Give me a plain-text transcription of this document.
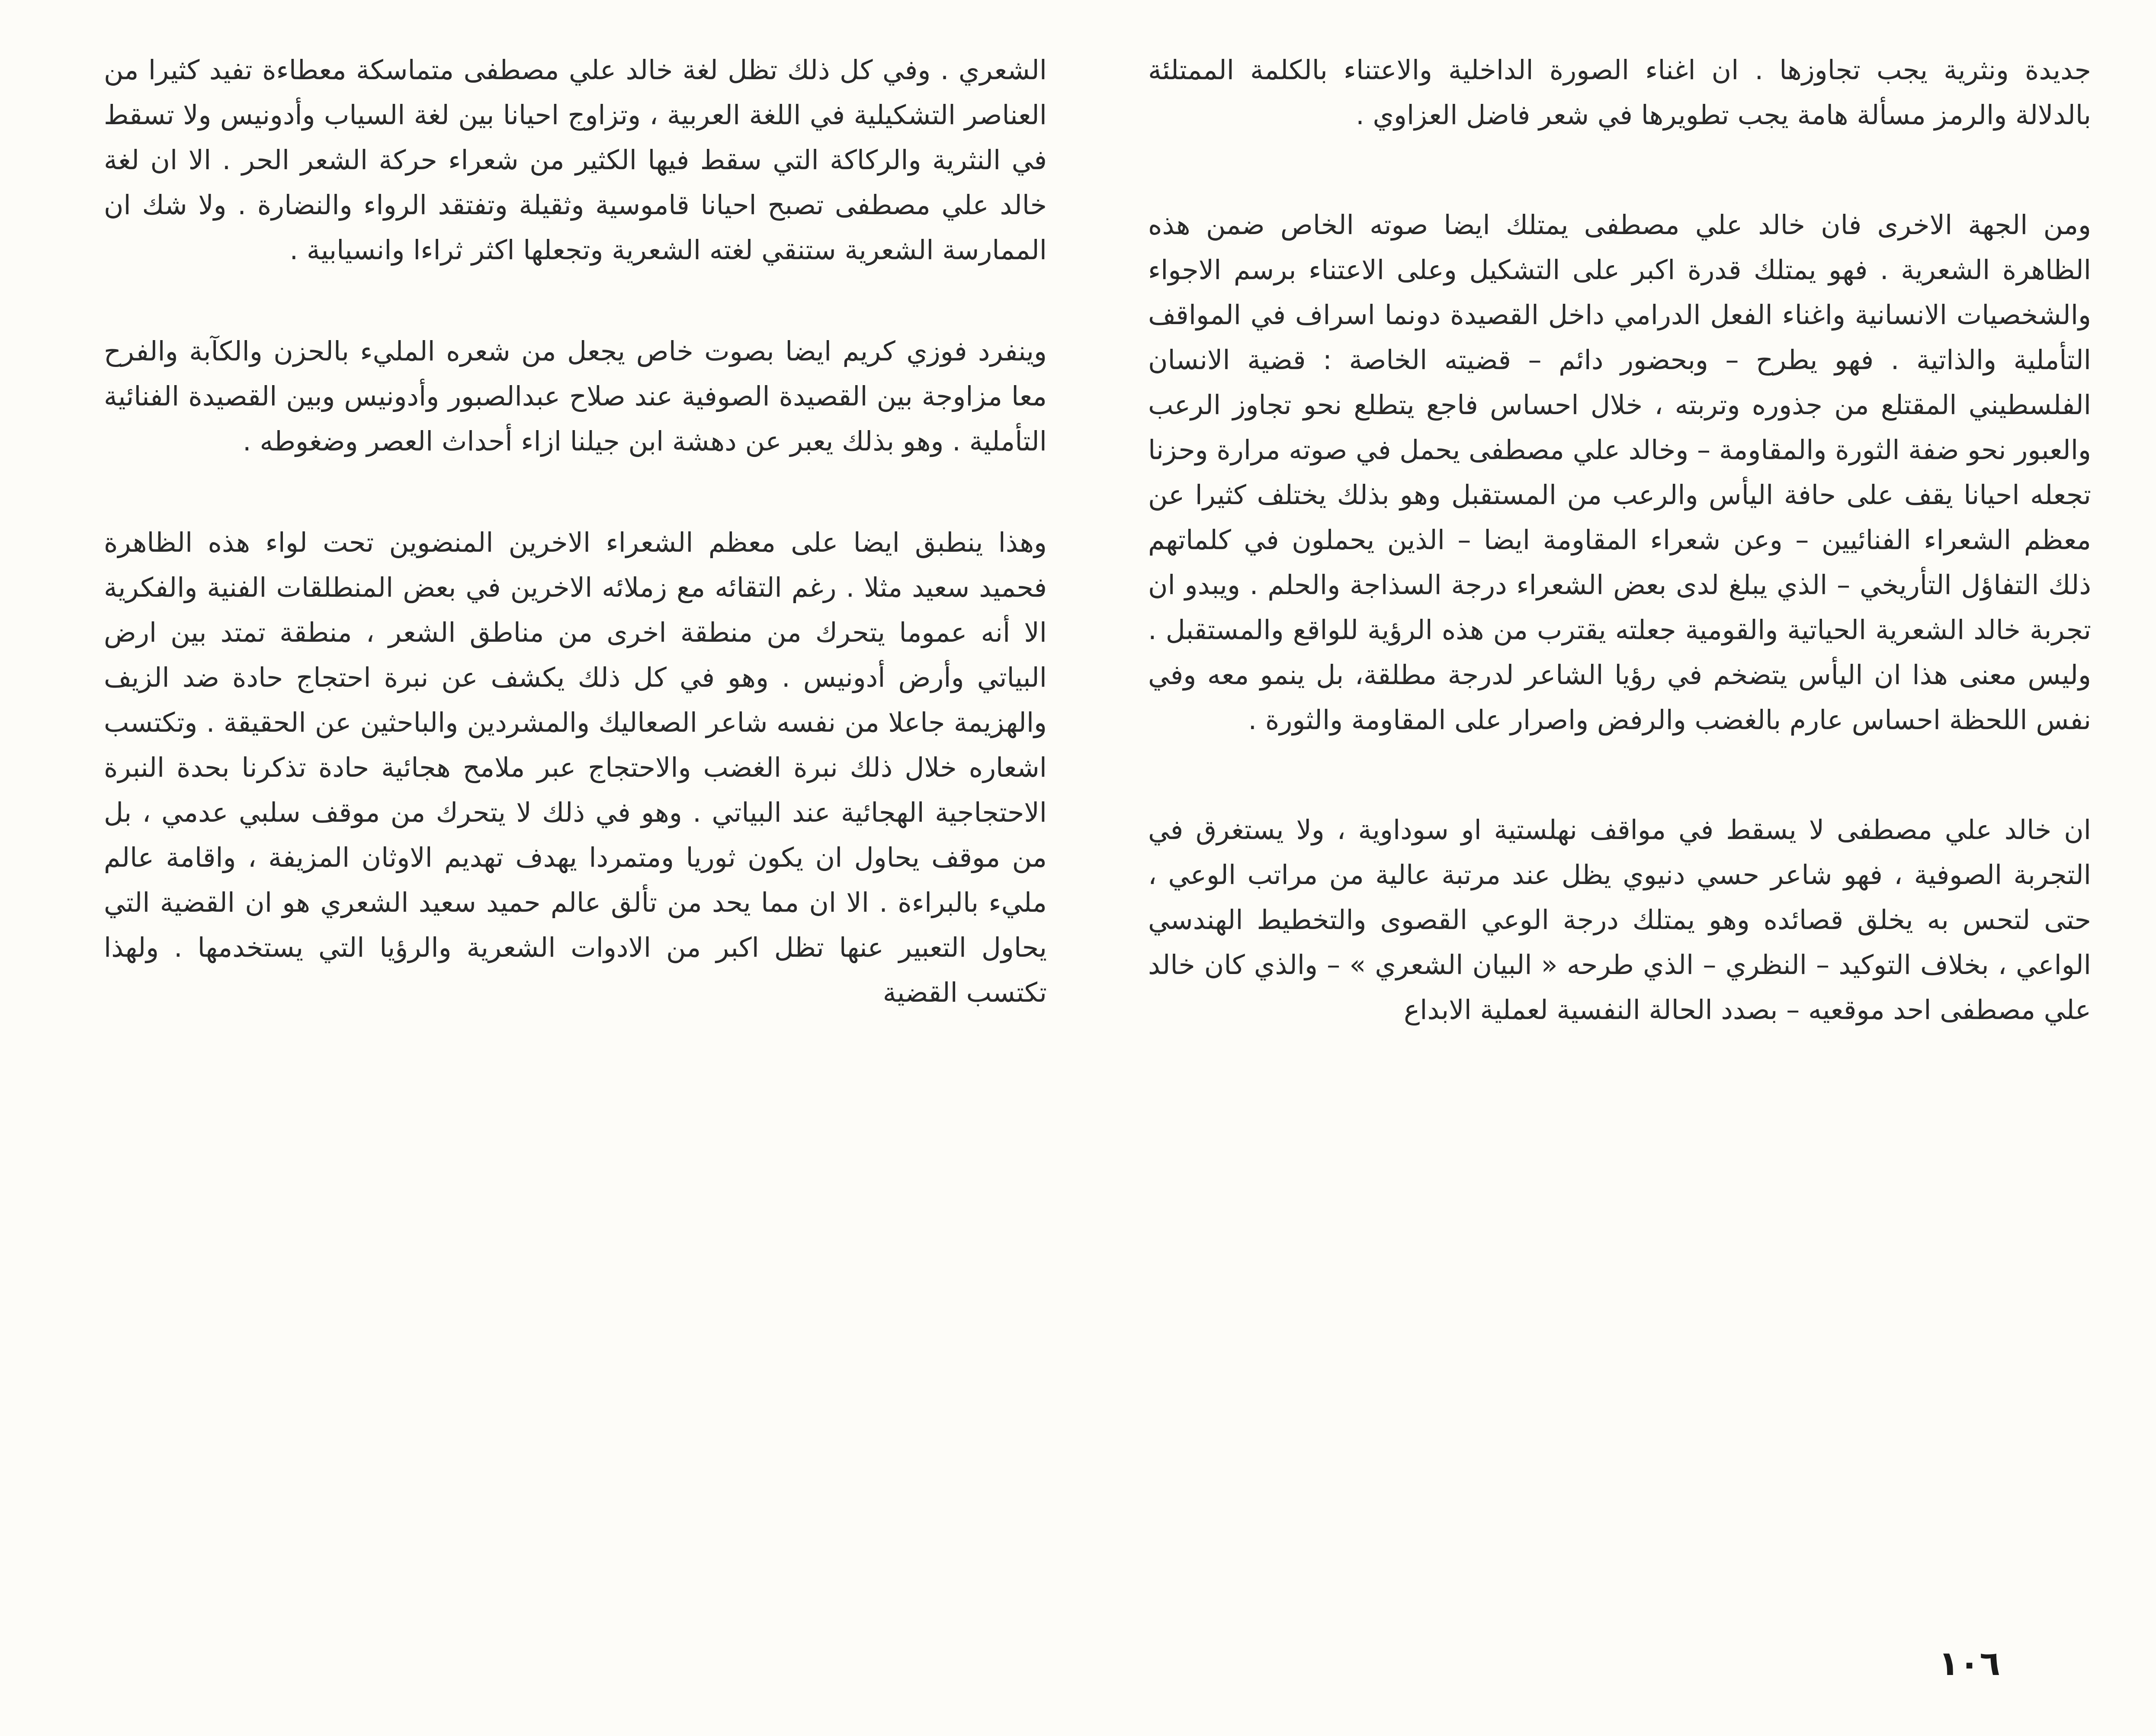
جديدة ونثرية يجب تجاوزها . ان اغناء الصورة الداخلية والاعتناء بالكلمة الممتلئة بالدلالة والرمز مسألة هامة يجب تطويرها في شعر فاضل العزاوي .

ومن الجهة الاخرى فان خالد علي مصطفى يمتلك ايضا صوته الخاص ضمن هذه الظاهرة الشعرية . فهو يمتلك قدرة اكبر على التشكيل وعلى الاعتناء برسم الاجواء والشخصيات الانسانية واغناء الفعل الدرامي داخل القصيدة دونما اسراف في المواقف التأملية والذاتية . فهو يطرح – وبحضور دائم – قضيته الخاصة : قضية الانسان الفلسطيني المقتلع من جذوره وتربته ، خلال احساس فاجع يتطلع نحو تجاوز الرعب والعبور نحو ضفة الثورة والمقاومة – وخالد علي مصطفى يحمل في صوته مرارة وحزنا تجعله احيانا يقف على حافة اليأس والرعب من المستقبل وهو بذلك يختلف كثيرا عن معظم الشعراء الفنائيين – وعن شعراء المقاومة ايضا – الذين يحملون في كلماتهم ذلك التفاؤل التأريخي – الذي يبلغ لدى بعض الشعراء درجة السذاجة والحلم . ويبدو ان تجربة خالد الشعرية الحياتية والقومية جعلته يقترب من هذه الرؤية للواقع والمستقبل . وليس معنى هذا ان اليأس يتضخم في رؤيا الشاعر لدرجة مطلقة، بل ينمو معه وفي نفس اللحظة احساس عارم بالغضب والرفض واصرار على المقاومة والثورة .

ان خالد علي مصطفى لا يسقط في مواقف نهلستية او سوداوية ، ولا يستغرق في التجربة الصوفية ، فهو شاعر حسي دنيوي يظل عند مرتبة عالية من مراتب الوعي ، حتى لتحس به يخلق قصائده وهو يمتلك درجة الوعي القصوى والتخطيط الهندسي الواعي ، بخلاف التوكيد – النظري – الذي طرحه « البيان الشعري » – والذي كان خالد علي مصطفى احد موقعيه – بصدد الحالة النفسية لعملية الابداع

الشعري . وفي كل ذلك تظل لغة خالد علي مصطفى متماسكة معطاءة تفيد كثيرا من العناصر التشكيلية في اللغة العربية ، وتزاوج احيانا بين لغة السياب وأدونيس ولا تسقط في النثرية والركاكة التي سقط فيها الكثير من شعراء حركة الشعر الحر . الا ان لغة خالد علي مصطفى تصبح احيانا قاموسية وثقيلة وتفتقد الرواء والنضارة . ولا شك ان الممارسة الشعرية ستنقي لغته الشعرية وتجعلها اكثر ثراءا وانسيابية .

وينفرد فوزي كريم ايضا بصوت خاص يجعل من شعره المليء بالحزن والكآبة والفرح معا مزاوجة بين القصيدة الصوفية عند صلاح عبدالصبور وأدونيس وبين القصيدة الفنائية التأملية . وهو بذلك يعبر عن دهشة ابن جيلنا ازاء أحداث العصر وضغوطه .

وهذا ينطبق ايضا على معظم الشعراء الاخرين المنضوين تحت لواء هذه الظاهرة فحميد سعيد مثلا . رغم التقائه مع زملائه الاخرين في بعض المنطلقات الفنية والفكرية الا أنه عموما يتحرك من منطقة اخرى من مناطق الشعر ، منطقة تمتد بين ارض البياتي وأرض أدونيس . وهو في كل ذلك يكشف عن نبرة احتجاج حادة ضد الزيف والهزيمة جاعلا من نفسه شاعر الصعاليك والمشردين والباحثين عن الحقيقة . وتكتسب اشعاره خلال ذلك نبرة الغضب والاحتجاج عبر ملامح هجائية حادة تذكرنا بحدة النبرة الاحتجاجية الهجائية عند البياتي . وهو في ذلك لا يتحرك من موقف سلبي عدمي ، بل من موقف يحاول ان يكون ثوريا ومتمردا يهدف تهديم الاوثان المزيفة ، واقامة عالم مليء بالبراءة . الا ان مما يحد من تألق عالم حميد سعيد الشعري هو ان القضية التي يحاول التعبير عنها تظل اكبر من الادوات الشعرية والرؤيا التي يستخدمها . ولهذا تكتسب القضية

١٠٦
